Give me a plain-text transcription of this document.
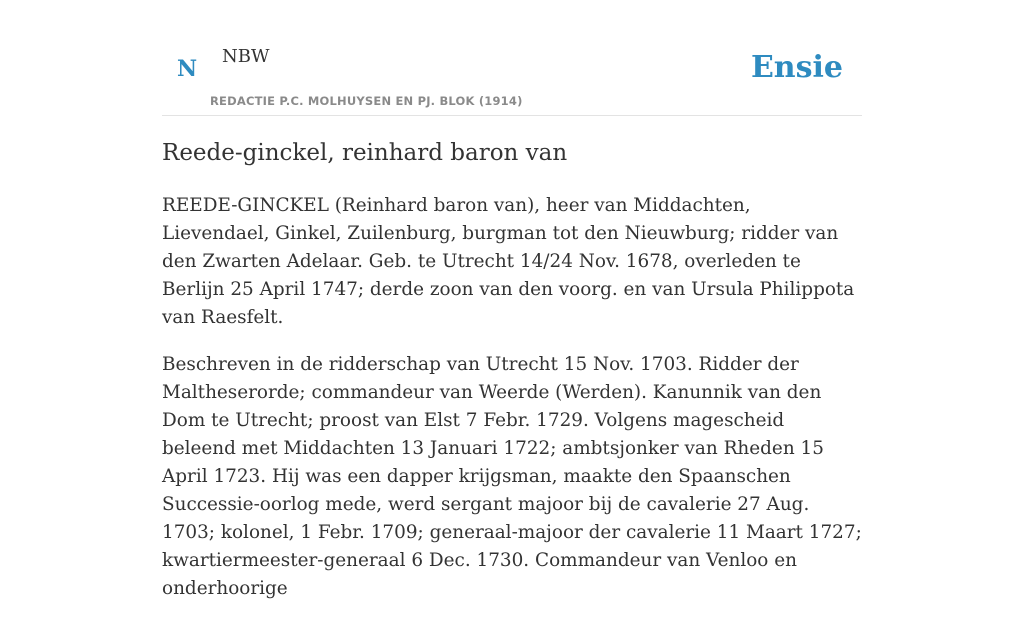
N NBW
REDACTIE P.C. MOLHUYSEN EN PJ. BLOK (1914)
Ensie
Reede-ginckel, reinhard baron van

REEDE-GINCKEL (Reinhard baron van), heer van Middachten, Lievendael, Ginkel, Zuilenburg, burgman tot den Nieuwburg; ridder van den Zwarten Adelaar. Geb. te Utrecht 14/24 Nov. 1678, overleden te Berlijn 25 April 1747; derde zoon van den voorg. en van Ursula Philippota van Raesfelt.

Beschreven in de ridderschap van Utrecht 15 Nov. 1703. Ridder der Maltheserorde; commandeur van Weerde (Werden). Kanunnik van den Dom te Utrecht; proost van Elst 7 Febr. 1729. Volgens magescheid beleend met Middachten 13 Januari 1722; ambtsjonker van Rheden 15 April 1723. Hij was een dapper krijgsman, maakte den Spaanschen Successie-oorlog mede, werd sergant majoor bij de cavalerie 27 Aug. 1703; kolonel, 1 Febr. 1709; generaal-majoor der cavalerie 11 Maart 1727; kwartiermeester-generaal 6 Dec. 1730. Commandeur van Venloo en onderhoorige
